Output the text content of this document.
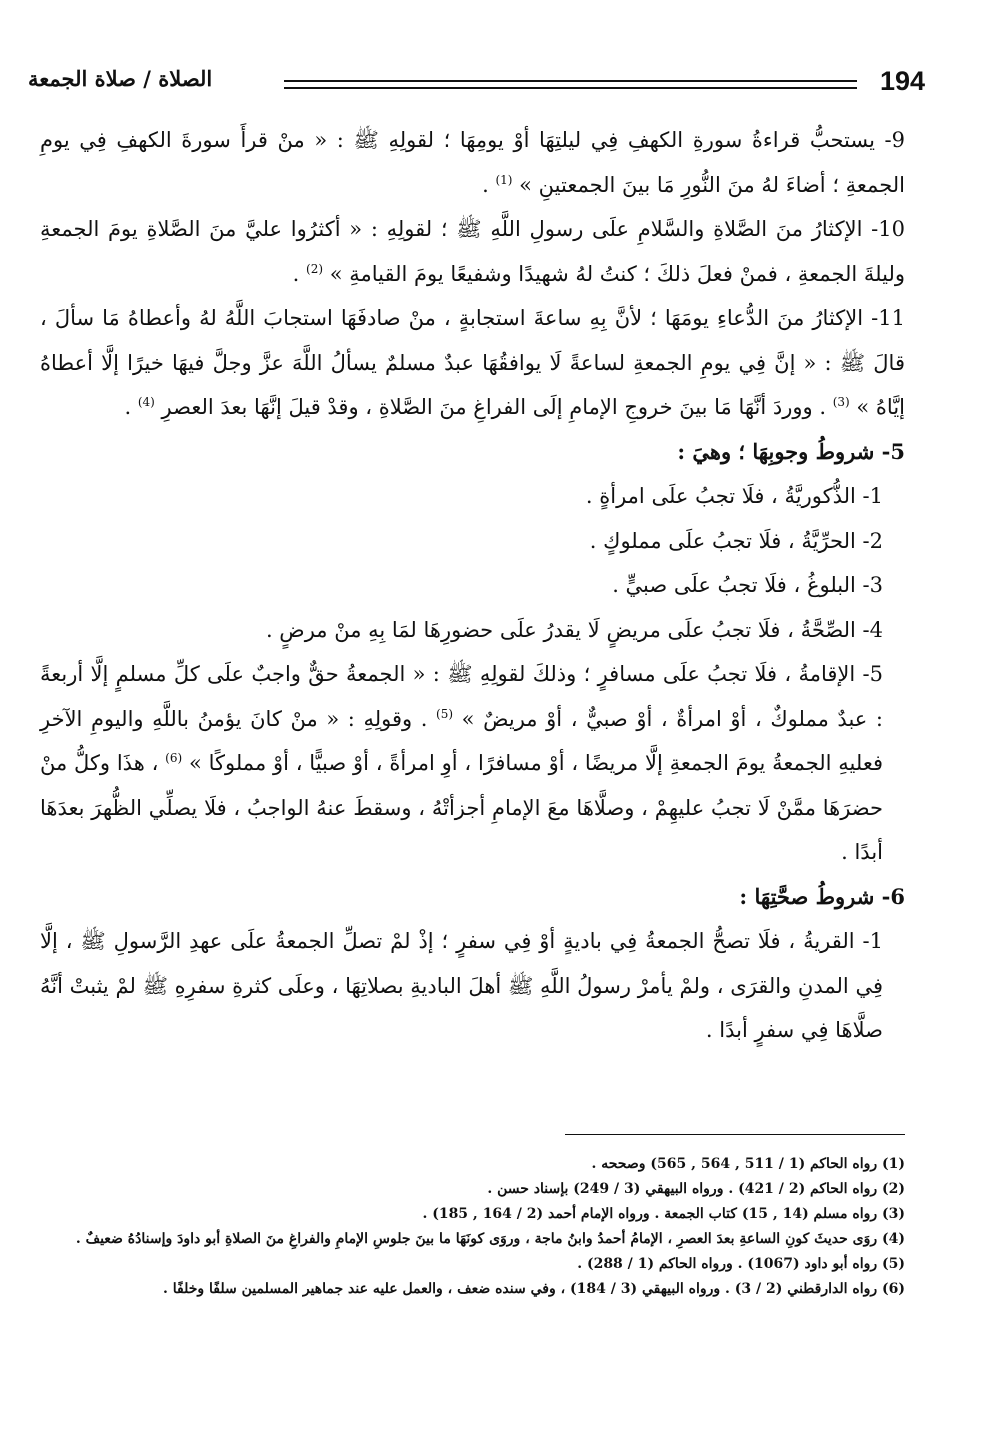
194
الصلاة / صلاة الجمعة

9- يستحبُّ قراءةُ سورةِ الكهفِ فِي ليلتِهَا أوْ يومِهَا ؛ لقولِهِ ﷺ : « منْ قرأَ سورةَ الكهفِ فِي يومِ الجمعةِ ؛ أضاءَ لهُ منَ النُّورِ مَا بينَ الجمعتينِ » $^{(1)}$ .

10- الإكثارُ منَ الصَّلاةِ والسَّلامِ علَى رسولِ اللَّهِ ﷺ ؛ لقولِهِ : « أكثرُوا عليَّ منَ الصَّلاةِ يومَ الجمعةِ وليلةَ الجمعةِ ، فمنْ فعلَ ذلكَ ؛ كنتُ لهُ شهيدًا وشفيعًا يومَ القيامةِ » $^{(2)}$ .

11- الإكثارُ منَ الدُّعاءِ يومَهَا ؛ لأنَّ بِهِ ساعةَ استجابةٍ ، منْ صادفَهَا استجابَ اللَّهُ لهُ وأعطاهُ مَا سألَ ، قالَ ﷺ : « إنَّ فِي يومِ الجمعةِ لساعةً لَا يوافقُهَا عبدٌ مسلمٌ يسألُ اللَّهَ عزَّ وجلَّ فيهَا خيرًا إلَّا أعطاهُ إيَّاهُ » $^{(3)}$ . ووردَ أنَّهَا مَا بينَ خروجِ الإمامِ إلَى الفراغِ منَ الصَّلاةِ ، وقدْ قيلَ إنَّهَا بعدَ العصرِ $^{(4)}$ .

5- شروطُ وجوبِهَا ؛ وهيَ :

1- الذُّكوريَّةُ ، فلَا تجبُ علَى امرأةٍ .

2- الحرِّيَّةُ ، فلَا تجبُ علَى مملوكٍ .

3- البلوغُ ، فلَا تجبُ علَى صبيٍّ .

4- الصِّحَّةُ ، فلَا تجبُ علَى مريضٍ لَا يقدرُ علَى حضورِهَا لمَا بِهِ منْ مرضٍ .

5- الإقامةُ ، فلَا تجبُ علَى مسافرٍ ؛ وذلكَ لقولِهِ ﷺ : « الجمعةُ حقٌّ واجبٌ علَى كلِّ مسلمٍ إلَّا أربعةً : عبدٌ مملوكٌ ، أوْ امرأةٌ ، أوْ صبيٌّ ، أوْ مريضٌ » $^{(5)}$ . وقولِهِ : « منْ كانَ يؤمنُ باللَّهِ واليومِ الآخرِ فعليهِ الجمعةُ يومَ الجمعةِ إلَّا مريضًا ، أوْ مسافرًا ، أوِ امرأةً ، أوْ صبيًّا ، أوْ مملوكًا » $^{(6)}$ ، هذَا وكلُّ منْ حضرَهَا ممَّنْ لَا تجبُ عليهِمْ ، وصلَّاهَا معَ الإمامِ أجزأتْهُ ، وسقطَ عنهُ الواجبُ ، فلَا يصلِّي الظُّهرَ بعدَهَا أبدًا .

6- شروطُ صحَّتِهَا :

1- القريةُ ، فلَا تصحُّ الجمعةُ فِي باديةٍ أوْ فِي سفرٍ ؛ إذْ لمْ تصلِّ الجمعةُ علَى عهدِ الرَّسولِ ﷺ ، إلَّا فِي المدنِ والقرَى ، ولمْ يأمرْ رسولُ اللَّهِ ﷺ أهلَ الباديةِ بصلاتِهَا ، وعلَى كثرةِ سفرِهِ ﷺ لمْ يثبتْ أنَّهُ صلَّاهَا فِي سفرٍ أبدًا .

(1) رواه الحاكم (1 / 511 , 564 , 565) وصححه .

(2) رواه الحاكم (2 / 421) . ورواه البيهقي (3 / 249) بإسناد حسن .

(3) رواه مسلم (14 , 15) كتاب الجمعة . ورواه الإمام أحمد (2 / 164 , 185) .

(4) روَى حديثَ كونِ الساعةِ بعدَ العصرِ ، الإمامُ أحمدُ وابنُ ماجة ، وروَى كونَهَا ما بينَ جلوسِ الإمامِ والفراغِ منَ الصلاةِ أبو داودَ وإسنادُهُ ضعيفٌ .

(5) رواه أبو داود (1067) . ورواه الحاكم (1 / 288) .

(6) رواه الدارقطني (2 / 3) . ورواه البيهقي (3 / 184) ، وفي سنده ضعف ، والعمل عليه عند جماهير المسلمين سلفًا وخلفًا .
